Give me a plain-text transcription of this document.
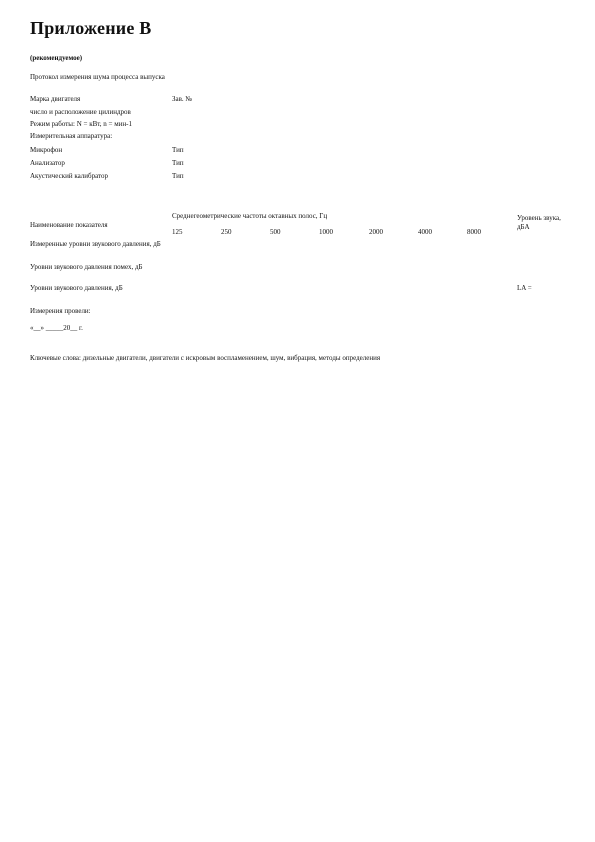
Приложение В
(рекомендуемое)
Протокол измерения шума процесса выпуска
Марка двигателя	Зав. №
число и расположение цилиндров
Режим работы: N = кВт, n = мин-1
Измерительная аппаратура:
Микрофон	Тип
Анализатор	Тип
Акустический калибратор	Тип
Наименование показателя
Среднегеометрические частоты октавных полос, Гц	Уровень звука, дБА
125	250	500	1000	2000	4000	8000
Измеренные уровни звукового давления, дБ
Уровни звукового давления помех, дБ
Уровни звукового давления, дБ	LA =
Измерения провели:
«__» _____20__ г.
Ключевые слова: дизельные двигатели, двигатели с искровым воспламенением, шум, вибрация, методы определения
